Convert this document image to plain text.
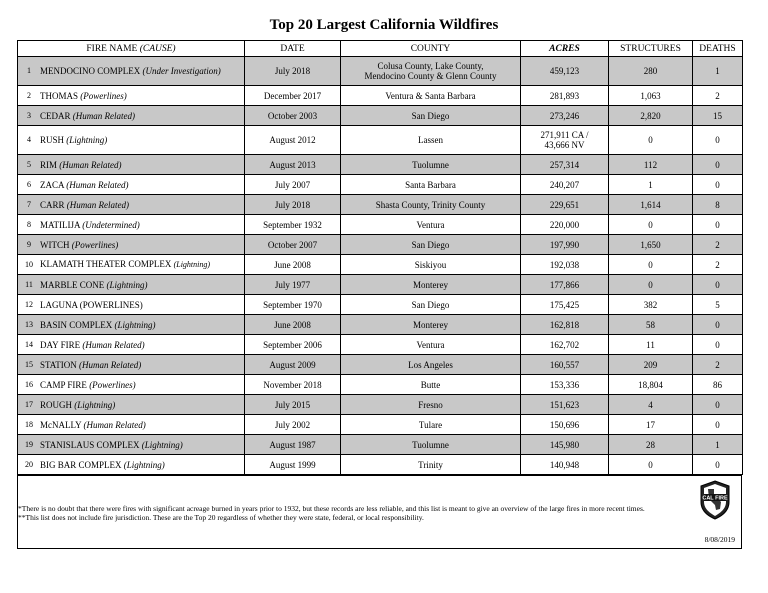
Top 20 Largest California Wildfires
FIRE NAME (CAUSE)	DATE	COUNTY	ACRES	STRUCTURES	DEATHS

1 MENDOCINO COMPLEX (Under Investigation)	July 2018	Colusa County, Lake County,
Mendocino County & Glenn County	459,123	280	1

2 THOMAS (Powerlines)	December 2017	Ventura & Santa Barbara	281,893	1,063	2

3 CEDAR (Human Related)	October 2003	San Diego	273,246	2,820	15

4 RUSH (Lightning)	August 2012	Lassen	271,911 CA /
43,666 NV	0	0

5 RIM (Human Related)	August 2013	Tuolumne	257,314	112	0

6 ZACA (Human Related)	July 2007	Santa Barbara	240,207	1	0

7 CARR (Human Related)	July 2018	Shasta County, Trinity County	229,651	1,614	8

8 MATILIJA (Undetermined)	September 1932	Ventura	220,000	0	0

9 WITCH (Powerlines)	October 2007	San Diego	197,990	1,650	2

10 KLAMATH THEATER COMPLEX (Lightning)	June 2008	Siskiyou	192,038	0	2

11 MARBLE CONE (Lightning)	July 1977	Monterey	177,866	0	0

12 LAGUNA (POWERLINES)	September 1970	San Diego	175,425	382	5

13 BASIN COMPLEX (Lightning)	June 2008	Monterey	162,818	58	0

14 DAY FIRE (Human Related)	September 2006	Ventura	162,702	11	0

15 STATION (Human Related)	August 2009	Los Angeles	160,557	209	2

16 CAMP FIRE (Powerlines)	November 2018	Butte	153,336	18,804	86

17 ROUGH (Lightning)	July 2015	Fresno	151,623	4	0

18 McNALLY (Human Related)	July 2002	Tulare	150,696	17	0

19 STANISLAUS COMPLEX (Lightning)	August 1987	Tuolumne	145,980	28	1

20 BIG BAR COMPLEX (Lightning)	August 1999	Trinity	140,948	0	0

*There is no doubt that there were fires with significant acreage burned in years prior to 1932, but these records are less reliable, and this list is meant to give an overview of the large fires in more recent times.

**This list does not include fire jurisdiction. These are the Top 20 regardless of whether they were state, federal, or local responsibility.

CAL FIRE
8/08/2019
